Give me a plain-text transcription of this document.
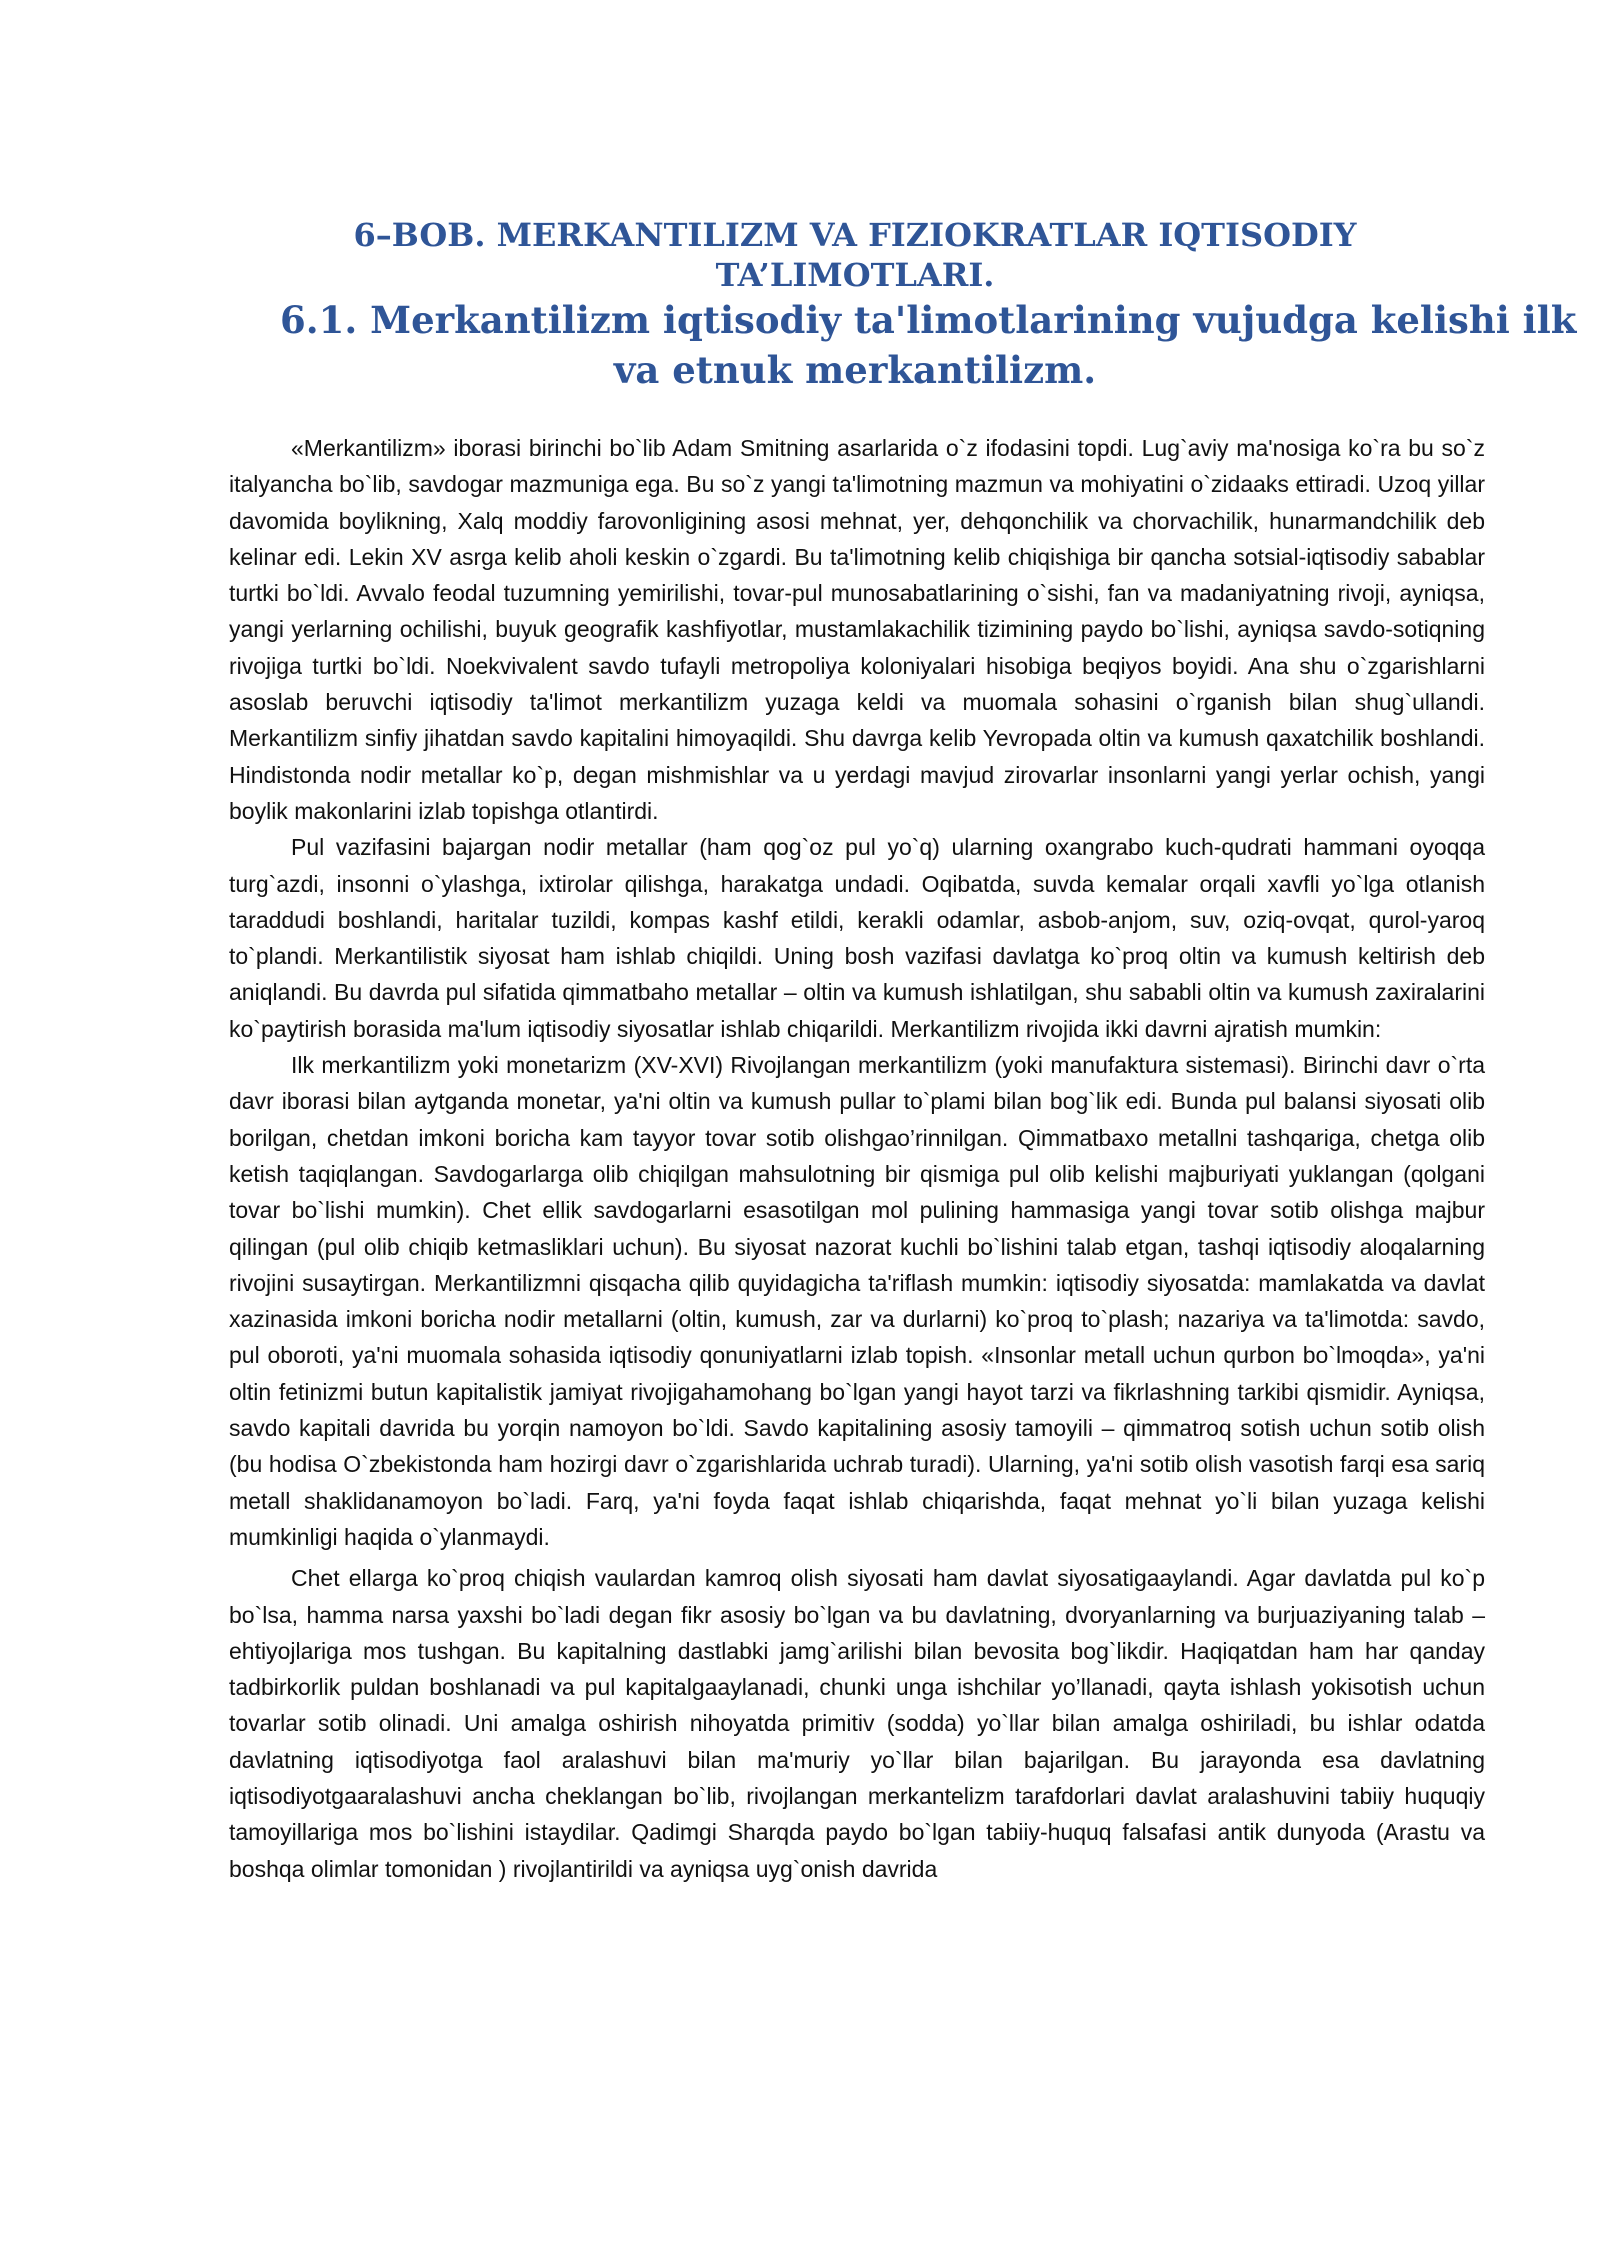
6–BOB. MERKANTILIZM VA FIZIOKRATLAR IQTISODIY
TA’LIMOTLARI.
6.1. Merkantilizm iqtisodiy ta'limotlarining vujudga kelishi ilk
va etnuk merkantilizm.

«Merkantilizm» iborasi birinchi bo`lib Adam Smitning asarlarida o`z ifodasini topdi. Lug`aviy ma'nosiga ko`ra bu so`z italyancha bo`lib, savdogar mazmuniga ega. Bu so`z yangi ta'limotning mazmun va mohiyatini o`zidaaks ettiradi. Uzoq yillar davomida boylikning, Xalq moddiy farovonligining asosi mehnat, yer, dehqonchilik va chorvachilik, hunarmandchilik deb kelinar edi. Lekin XV asrga kelib aholi keskin o`zgardi. Bu ta'limotning kelib chiqishiga bir qancha sotsial-iqtisodiy sabablar turtki bo`ldi. Avvalo feodal tuzumning yemirilishi, tovar-pul munosabatlarining o`sishi, fan va madaniyatning rivoji, ayniqsa, yangi yerlarning ochilishi, buyuk geografik kashfiyotlar, mustamlakachilik tizimining paydo bo`lishi, ayniqsa savdo-sotiqning rivojiga turtki bo`ldi. Noekvivalent savdo tufayli metropoliya koloniyalari hisobiga beqiyos boyidi. Ana shu o`zgarishlarni asoslab beruvchi iqtisodiy ta'limot merkantilizm yuzaga keldi va muomala sohasini o`rganish bilan shug`ullandi. Merkantilizm sinfiy jihatdan savdo kapitalini himoyaqildi. Shu davrga kelib Yevropada oltin va kumush qaxatchilik boshlandi. Hindistonda nodir metallar ko`p, degan mishmishlar va u yerdagi mavjud zirovarlar insonlarni yangi yerlar ochish, yangi boylik makonlarini izlab topishga otlantirdi.

Pul vazifasini bajargan nodir metallar (ham qog`oz pul yo`q) ularning oxangrabo kuch-qudrati hammani oyoqqa turg`azdi, insonni o`ylashga, ixtirolar qilishga, harakatga undadi. Oqibatda, suvda kemalar orqali xavfli yo`lga otlanish taraddudi boshlandi, haritalar tuzildi, kompas kashf etildi, kerakli odamlar, asbob-anjom, suv, oziq-ovqat, qurol-yaroq to`plandi. Merkantilistik siyosat ham ishlab chiqildi. Uning bosh vazifasi davlatga ko`proq oltin va kumush keltirish deb aniqlandi. Bu davrda pul sifatida qimmatbaho metallar – oltin va kumush ishlatilgan, shu sababli oltin va kumush zaxiralarini ko`paytirish borasida ma'lum iqtisodiy siyosatlar ishlab chiqarildi. Merkantilizm rivojida ikki davrni ajratish mumkin:

Ilk merkantilizm yoki monetarizm (XV-XVI) Rivojlangan merkantilizm (yoki manufaktura sistemasi). Birinchi davr o`rta davr iborasi bilan aytganda monetar, ya'ni oltin va kumush pullar to`plami bilan bog`lik edi. Bunda pul balansi siyosati olib borilgan, chetdan imkoni boricha kam tayyor tovar sotib olishgao’rinnilgan. Qimmatbaxo metallni tashqariga, chetga olib ketish taqiqlangan. Savdogarlarga olib chiqilgan mahsulotning bir qismiga pul olib kelishi majburiyati yuklangan (qolgani tovar bo`lishi mumkin). Chet ellik savdogarlarni esasotilgan mol pulining hammasiga yangi tovar sotib olishga majbur qilingan (pul olib chiqib ketmasliklari uchun). Bu siyosat nazorat kuchli bo`lishini talab etgan, tashqi iqtisodiy aloqalarning rivojini susaytirgan. Merkantilizmni qisqacha qilib quyidagicha ta'riflash mumkin: iqtisodiy siyosatda: mamlakatda va davlat xazinasida imkoni boricha nodir metallarni (oltin, kumush, zar va durlarni) ko`proq to`plash; nazariya va ta'limotda: savdo, pul oboroti, ya'ni muomala sohasida iqtisodiy qonuniyatlarni izlab topish. «Insonlar metall uchun qurbon bo`lmoqda», ya'ni oltin fetinizmi butun kapitalistik jamiyat rivojigahamohang bo`lgan yangi hayot tarzi va fikrlashning tarkibi qismidir. Ayniqsa, savdo kapitali davrida bu yorqin namoyon bo`ldi. Savdo kapitalining asosiy tamoyili – qimmatroq sotish uchun sotib olish (bu hodisa O`zbekistonda ham hozirgi davr o`zgarishlarida uchrab turadi). Ularning, ya'ni sotib olish vasotish farqi esa sariq metall shaklidanamoyon bo`ladi. Farq, ya'ni foyda faqat ishlab chiqarishda, faqat mehnat yo`li bilan yuzaga kelishi mumkinligi haqida o`ylanmaydi.

Chet ellarga ko`proq chiqish vaulardan kamroq olish siyosati ham davlat siyosatigaaylandi. Agar davlatda pul ko`p bo`lsa, hamma narsa yaxshi bo`ladi degan fikr asosiy bo`lgan va bu davlatning, dvoryanlarning va burjuaziyaning talab – ehtiyojlariga mos tushgan. Bu kapitalning dastlabki jamg`arilishi bilan bevosita bog`likdir. Haqiqatdan ham har qanday tadbirkorlik puldan boshlanadi va pul kapitalgaaylanadi, chunki unga ishchilar yo’llanadi, qayta ishlash yokisotish uchun tovarlar sotib olinadi. Uni amalga oshirish nihoyatda primitiv (sodda) yo`llar bilan amalga oshiriladi, bu ishlar odatda davlatning iqtisodiyotga faol aralashuvi bilan ma'muriy yo`llar bilan bajarilgan. Bu jarayonda esa davlatning iqtisodiyotgaaralashuvi ancha cheklangan bo`lib, rivojlangan merkantelizm tarafdorlari davlat aralashuvini tabiiy huquqiy tamoyillariga mos bo`lishini istaydilar. Qadimgi Sharqda paydo bo`lgan tabiiy-huquq falsafasi antik dunyoda (Arastu va boshqa olimlar tomonidan ) rivojlantirildi va ayniqsa uyg`onish davrida
